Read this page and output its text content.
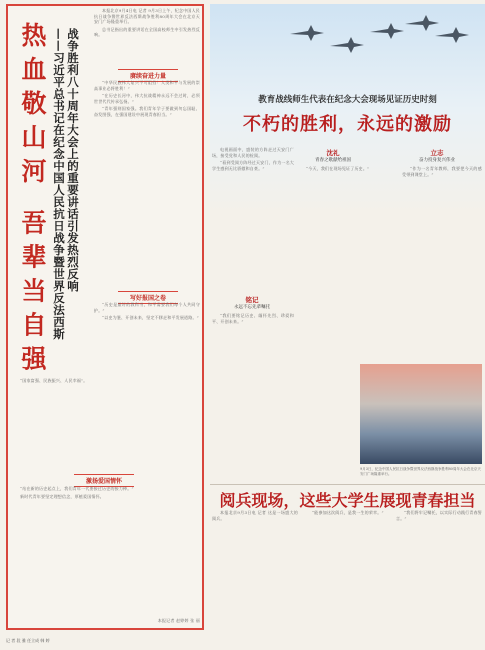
热血敬山河 吾辈当自强 战争胜利八十周年大会上的重要讲话引发热烈反响
——习近平总书记在纪念中国人民抗日战争暨世界反法西斯

本报北京9月4日电 记者 9月3日上午，纪念中国人民抗日战争暨世界反法西斯战争胜利80周年大会在北京天安门广场隆重举行。

总书记指出的重要讲话在全国高校师生中引发热烈反响。

赓续奋进力量

“中华民族伟大复兴不可阻挡！人类和平与发展的崇高事业必将胜利！”

“在历史长河中，伟大抗战精神永远不会过时，必须世世代代传承弘扬。”

“青年强则国家强。我们青年学子要做到勿忘国耻、奋发图强，在强国建设中展现青春担当。”

写好报国之卷

“历史是最好的教科书，和平需要我们每个人共同守护。”

“以史为鉴、开创未来，坚定不移走和平发展道路。”

“国家富强、民族振兴、人民幸福”。

激扬爱国情怀

“站在新的历史起点上，我们青年一代要接过历史的接力棒。”

新时代青年要坚定理想信念，厚植爱国情怀。

本报记者 赵婷婷 张 丽
教育战线师生代表在纪念大会现场见证历史时刻
不朽的胜利，永远的激励
沈礼
青春之歌献给祖国
立志
奋力投身复兴伟业

电视画面中，盛装的方阵走过天安门广场，接受党和人民的检阅。

“看到受阅方阵经过天安门，作为一名大学生感到无比骄傲和自豪。”	“今天，我们在现场见证了历史。”	“作为一名青年教师，我要把今天的感受带到课堂上。”

铭记
永远不忘先辈嘱托

“我们要铭记历史、缅怀先烈、珍爱和平、开创未来。”

9月3日，纪念中国人民抗日战争暨世界反法西斯战争胜利80周年大会在北京天安门广场隆重举行。
阅兵现场，这些大学生展现青春担当

本报北京9月3日电 记者 这是一场盛大的阅兵。

“能参加这次阅兵，是我一生的荣幸。”	“我们将牢记嘱托，以实际行动践行青春誓言。”

记 者 段 雅 任立成 韩 婷
